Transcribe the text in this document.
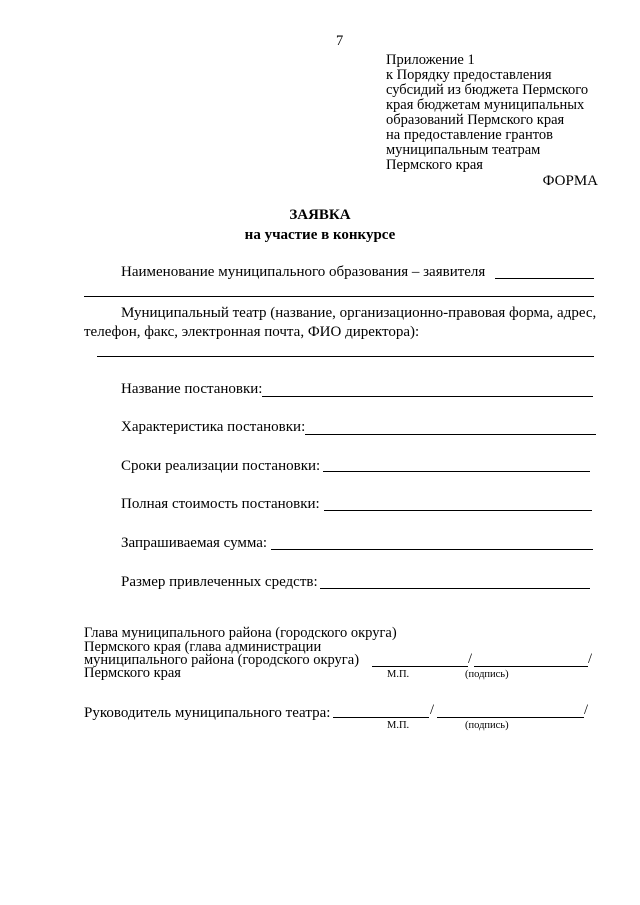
7
Приложение 1
к Порядку предоставления
субсидий из бюджета Пермского
края бюджетам муниципальных
образований Пермского края
на предоставление грантов
муниципальным театрам
Пермского края
ФОРМА
ЗАЯВКА
на участие в конкурсе
Наименование муниципального образования – заявителя
Муниципальный театр (название, организационно-правовая форма, адрес,
телефон, факс, электронная почта, ФИО директора):
Название постановки:
Характеристика постановки:
Сроки реализации постановки:
Полная стоимость постановки:
Запрашиваемая сумма:
Размер привлеченных средств:
Глава муниципального района (городского округа)
Пермского края (глава администрации
муниципального района (городского округа)
Пермского края
/	/
М.П.	(подпись)
Руководитель муниципального театра:	/	/
М.П.	(подпись)
